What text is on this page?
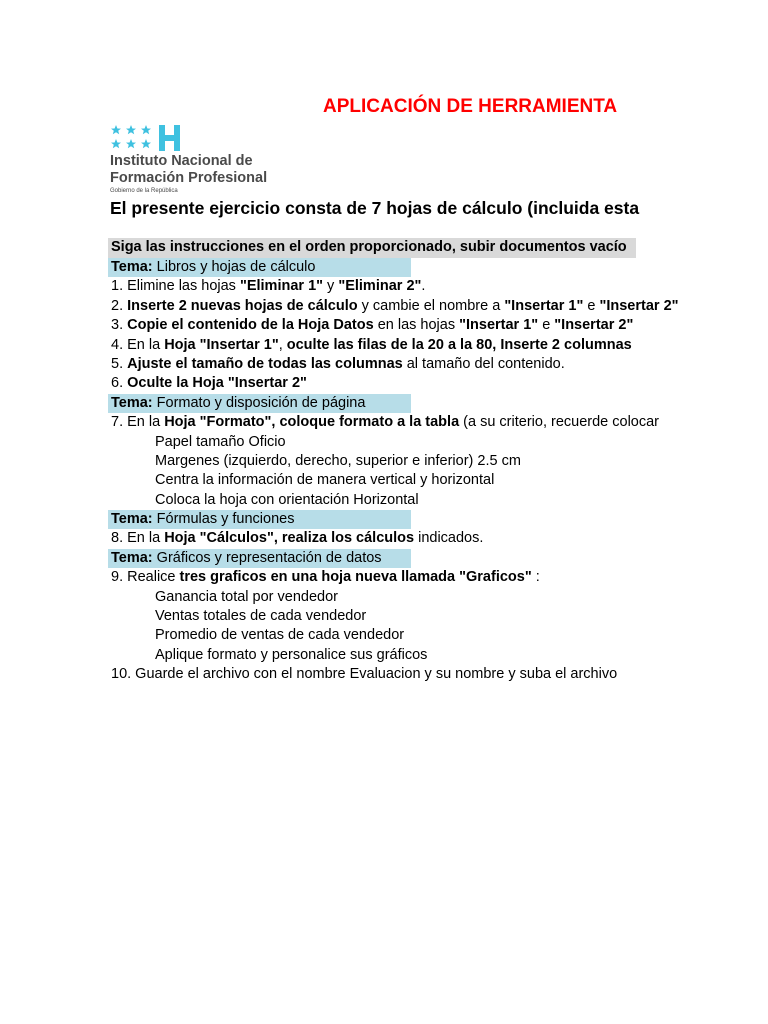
APLICACIÓN DE HERRAMIENTA
Instituto Nacional de
Formación Profesional
Gobierno de la República
El presente ejercicio consta de 7 hojas de cálculo (incluida esta
Siga las instrucciones en el orden proporcionado, subir documentos vacío
Tema: Libros y hojas de cálculo
1. Elimine las hojas "Eliminar 1" y "Eliminar 2".
2. Inserte 2 nuevas hojas de cálculo y cambie el nombre a "Insertar 1" e "Insertar 2"
3. Copie el contenido de la Hoja Datos en las hojas "Insertar 1" e "Insertar 2"
4. En la Hoja "Insertar 1", oculte las filas de la 20 a la 80, Inserte 2 columnas
5. Ajuste el tamaño de todas las columnas al tamaño del contenido.
6. Oculte la Hoja "Insertar 2"
Tema: Formato y disposición de página
7. En la Hoja "Formato", coloque formato a la tabla (a su criterio, recuerde colocar
Papel tamaño Oficio
Margenes (izquierdo, derecho, superior e inferior) 2.5 cm
Centra la información de manera vertical y horizontal
Coloca la hoja con orientación Horizontal
Tema: Fórmulas y funciones
8. En la Hoja "Cálculos", realiza los cálculos indicados.
Tema: Gráficos y representación de datos
9. Realice tres graficos en una hoja nueva llamada "Graficos" :
Ganancia total por vendedor
Ventas totales de cada vendedor
Promedio de ventas de cada vendedor
Aplique formato y personalice sus gráficos
10. Guarde el archivo con el nombre Evaluacion y su nombre y suba el archivo
